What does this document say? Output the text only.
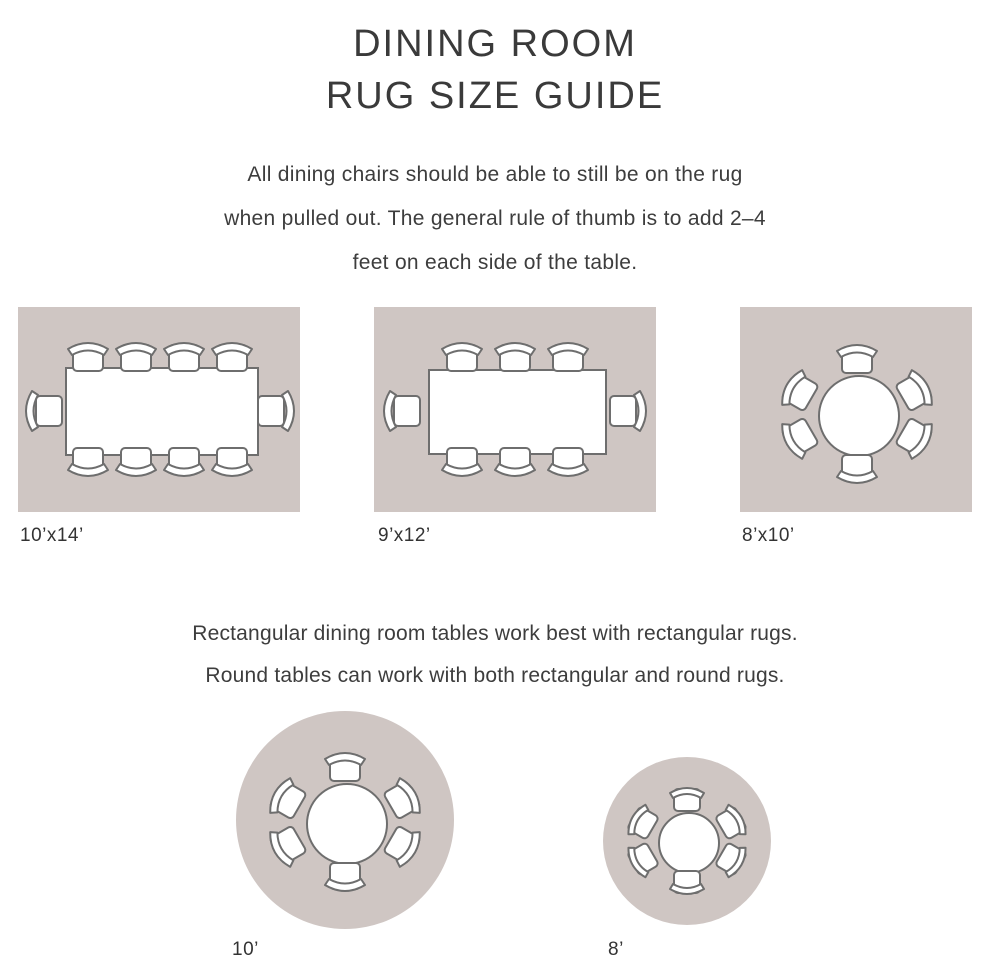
DINING ROOM
RUG SIZE GUIDE
All dining chairs should be able to still be on the rug
when pulled out. The general rule of thumb is to add 2–4
feet on each side of the table.
10’x14’	9’x12’	8’x10’
Rectangular dining room tables work best with rectangular rugs.
Round tables can work with both rectangular and round rugs.
10’	8’
